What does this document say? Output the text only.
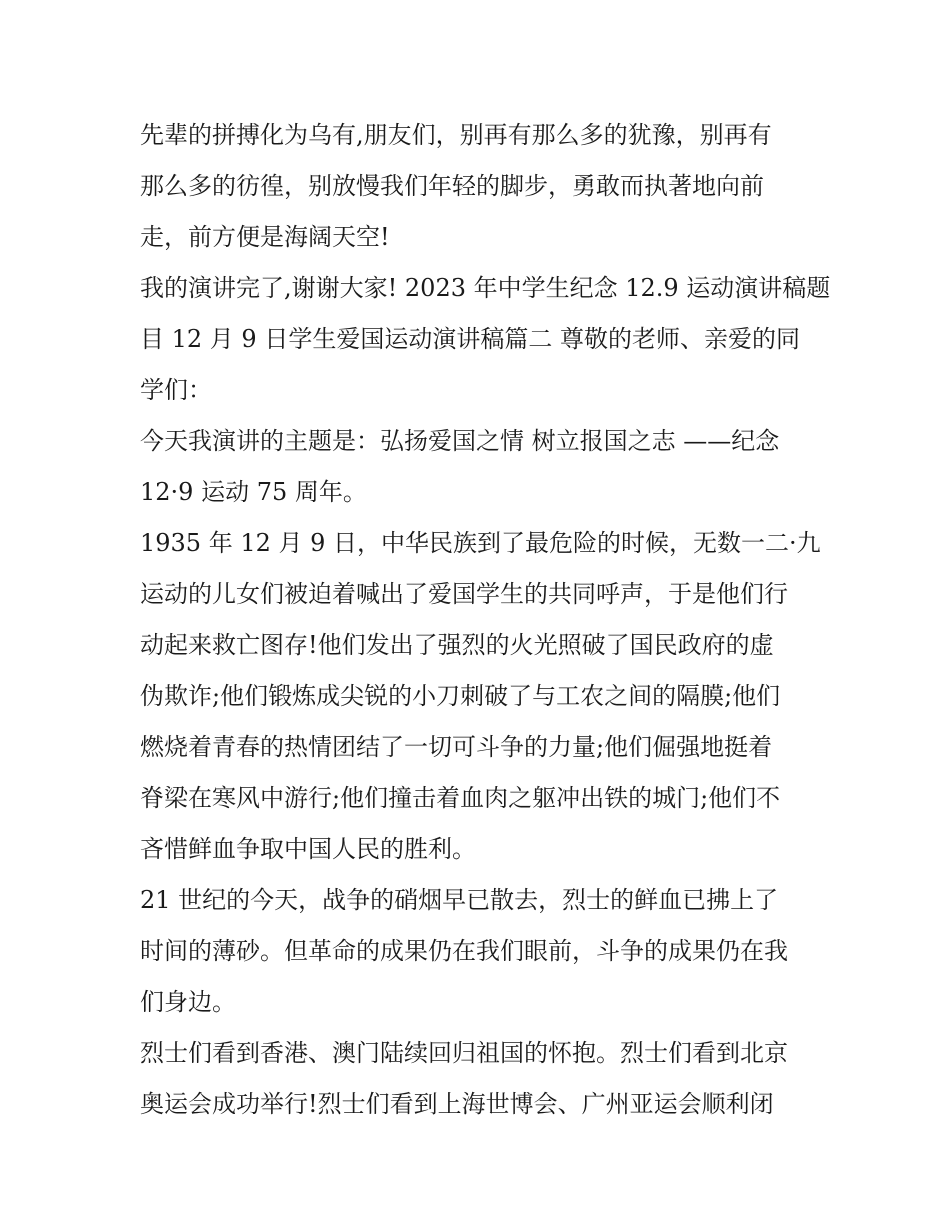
先辈的拼搏化为乌有,朋友们，别再有那么多的犹豫，别再有
那么多的彷徨，别放慢我们年轻的脚步，勇敢而执著地向前
走，前方便是海阔天空!

我的演讲完了,谢谢大家! 2023 年中学生纪念 12.9 运动演讲稿题
目 12 月 9 日学生爱国运动演讲稿篇二 尊敬的老师、亲爱的同
学们：

今天我演讲的主题是：弘扬爱国之情 树立报国之志 ——纪念
12·9 运动 75 周年。

1935 年 12 月 9 日，中华民族到了最危险的时候，无数一二·九
运动的儿女们被迫着喊出了爱国学生的共同呼声，于是他们行
动起来救亡图存!他们发出了强烈的火光照破了国民政府的虚
伪欺诈;他们锻炼成尖锐的小刀刺破了与工农之间的隔膜;他们
燃烧着青春的热情团结了一切可斗争的力量;他们倔强地挺着
脊梁在寒风中游行;他们撞击着血肉之躯冲出铁的城门;他们不
吝惜鲜血争取中国人民的胜利。

21 世纪的今天，战争的硝烟早已散去，烈士的鲜血已拂上了
时间的薄砂。但革命的成果仍在我们眼前，斗争的成果仍在我
们身边。

烈士们看到香港、澳门陆续回归祖国的怀抱。烈士们看到北京
奥运会成功举行!烈士们看到上海世博会、广州亚运会顺利闭
